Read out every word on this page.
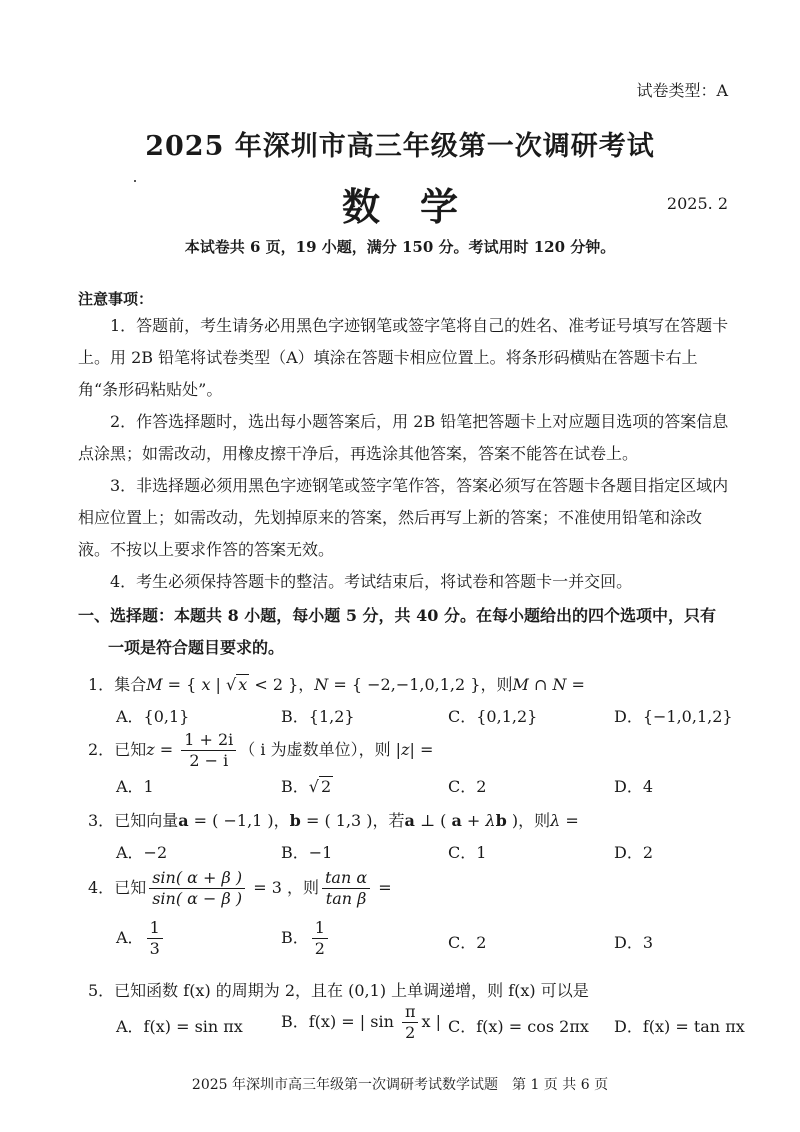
试卷类型：A
2025 年深圳市高三年级第一次调研考试
数学	2025. 2
本试卷共 6 页，19 小题，满分 150 分。考试用时 120 分钟。
注意事项：
1．答题前，考生请务必用黑色字迹钢笔或签字笔将自己的姓名、准考证号填写在答题卡上。用 2B 铅笔将试卷类型（A）填涂在答题卡相应位置上。将条形码横贴在答题卡右上角“条形码粘贴处”。
2．作答选择题时，选出每小题答案后，用 2B 铅笔把答题卡上对应题目选项的答案信息点涂黑；如需改动，用橡皮擦干净后，再选涂其他答案，答案不能答在试卷上。
3．非选择题必须用黑色字迹钢笔或签字笔作答，答案必须写在答题卡各题目指定区域内相应位置上；如需改动，先划掉原来的答案，然后再写上新的答案；不准使用铅笔和涂改液。不按以上要求作答的答案无效。
4．考生必须保持答题卡的整洁。考试结束后，将试卷和答题卡一并交回。
一、选择题：本题共 8 小题，每小题 5 分，共 40 分。在每小题给出的四个选项中，只有
一项是符合题目要求的。
1．集合M = { x | √ x < 2 }，N = { −2,−1,0,1,2 }，则M ∩ N =
A．{0,1}	B．{1,2}	C．{0,1,2}	D．{−1,0,1,2}
2．已知$z = \frac{1 + 2i}{2 - i}$ （ i 为虚数单位），则 |z| =
A．1	B．√ 2	C．2	D．4
3．已知向量a = ( −1,1 )，b = ( 1,3 )，若a ⊥ ( a + λb )，则λ =
A．−2	B．−1	C．1	D．2
4．已知 $\frac{\sin( \alpha + \beta )}{\sin( \alpha - \beta )} = 3$ ，则 $\frac{\text{tan α}}{\text{tan β}}$ =
A． $\frac{1}{3}$	B． $\frac{1}{2}$	C．2	D．3
5．已知函数 f(x) 的周期为 2，且在 (0,1) 上单调递增，则 f(x) 可以是
A．f(x) = sin πx B．f(x) = | $\sin \frac{\pi}{2}$ x | C．f(x) = cos 2πx D．f(x) = tan πx
2025 年深圳市高三年级第一次调研考试数学试题　第 1 页 共 6 页
